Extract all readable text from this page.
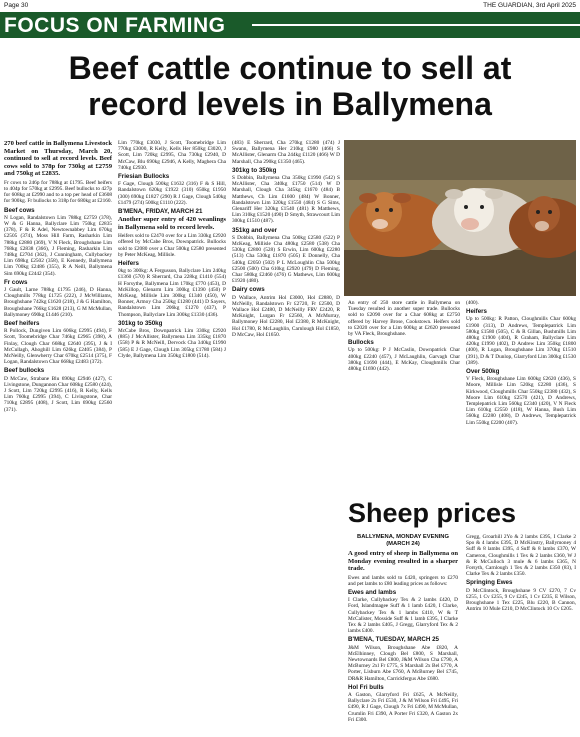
Page 30	THE GUARDIAN, 3rd April 2025
FOCUS ON FARMING
Beef cattle continue to sell at
record levels in Ballymena

270 beef cattle in Ballymena Livestock Market on Thursday, March 20, continued to sell at record levels. Beef cows sold to 378p for 730kg at £2759 and 750kg at £2835.

Fr cows to 246p for 788kg at £1795. Beef heifers to 404p for 570kg at £2995. Beef bullocks to 427p for 608kg at £2990 and to a top per head of £3608 for 900kg. Fr bullocks to 318p for 680kg at £2160.

Beef cows

N Logan, Randalstown Lim 788kg £2759 (378), W & G Hanna, Ballyclare Lim 750kg £2835 (378), F & R Adel, Newtownabbey Lim 670kg £2505 (374), Moss Hill Farm, Rasharkin Lim 788kg £2880 (369), V N Fleck, Broughshane Lim 768kg £2838 (366), J Fleming, Rasharkin Lim 748kg £2704 (362), J Cunningham, Cullybackey Lim 698kg £2502 (358), E Kennedy, Ballymena Lim 700kg £2486 (355), R A Neill, Ballymena Sim 690kg £2442 (354).

Fr cows

J Gault, Larne 788kg £1795 (246), D Hanna, Cloughmills 778kg £1725 (222), J McWilliams, Broughshane 742kg £1620 (218), J & G Hamilton, Broughshane 766kg £1628 (213), G M McMullan, Ballymoney 690kg £1446 (210).

Beef heifers

R Pollock, Dungiven Lim 606kg £2995 (494), F Scott, Toomebridge Char 746kg £2965 (398), A Finlay, Clough Char 668kg £2640 (395), J & I McCullagh, Ahoghill Lim 626kg £2405 (384), P McNeilly, Glenwherry Char 670kg £2514 (375), F Logan, Randalstown Char 668kg £2483 (372).

Beef bullocks

D McCaw, Strabane Blu 690kg £2946 (427), C Livingstone, Dungannon Char 608kg £2580 (424), J Scott, Lim 720kg £2995 (416), R Kelly, Kells Lim 760kg £2995 (394), C Livingstone, Char 710kg £2895 (408), J Scott, Lim 690kg £2560 (371).

Lim 770kg £3030, J Scott, Toomebridge Lim 770kg £3000, R Kelly, Kells Her 850kg £3020, J Scott, Lim 720kg £2995, Cha 730kg £2940, D McCaw, Blu 690kg £2946, A Kelly, Maghera Cha 740kg £2930.

Friesian Bullocks

F Gage, Clough 500kg £1632 (316) F & S Hill, Randalstown 620kg £1922 (310) 650kg £1950 (300) 690kg £1827 (290) R J Gage, Clough 540kg £1479 (274) 500kg £1110 (222).

B'MENA, FRIDAY, MARCH 21

Another super entry of 420 weanlings in Ballymena sold to record levels.

Heifers sold to £2470 over for a Lim 330kg £2920 offered by McCabe Bros, Downpatrick. Bullocks sold to £2080 over a Char 500kg £2580 presented by Peter McKeag, Millisle.

Heifers

0kg to 300kg: A Fergusson, Ballyclare Lim 240kg £1360 (570) R Sherrard, Cha 228kg £1410 (554) H Forsythe, Ballymena Lim 170kg £770 (453), D McKillop, Glenarm Lim 300kg £1390 (450) P McKeag, Millisle Lim 300kg £1340 (450), W Bonner, Armoy Cha 250kg £1280 (441) D Sayers, Randalstown Lim 206kg £1270 (437), P Thompson, Ballyclare Lim 300kg £1330 (436).

301kg to 350kg

McCabe Bros, Downpatrick Lim 330kg £2920 (885) J McAllister, Ballymena Lim 335kg £1870 (558) P & R McNeill, Dervock Cha 340kg £1990 (585) E J Gage, Clough Lim 305kg £1780 (584) J Clyde, Ballymena Lim 350kg £1800 (514).

(483) E Sherrard, Cha 270kg £1280 (474) J Swann, Ballymena Her 210kg £980 (466) S McAllister, Glenarm Cha 244kg £1120 (466) W D Marshall, Cha 290kg £1350 (465).

301kg to 350kg

S Dobbin, Ballymena Cha 350kg £1990 (542) S McAllister, Cha 340kg £1750 (514) W D Marshall, Clough Cha 345kg £1670 (484) B Matthews, Ch Lim £1600 (484) W Bonner, Randalstown Lim 320kg £1550 (484) S G Sims, Glenariff Her 320kg £1540 (481) R Matthews, Lim 310kg £1520 (490) D Smyth, Strawcourt Lim 300kg £1510 (487).

351kg and over

S Dobbin, Ballymena Cha 500kg £2580 (522) P McKeag, Millisle Cha 480kg £2580 (538) Cha 530kg £2800 (528) S Erwin, Lim 600kg £2280 (513) Cha 530kg £1870 (505) E Donnelly, Cha 540kg £2050 (502) P L McLoughlin Cha 500kg £2500 (500) Cha 610kg £2920 (479) D Fleming, Char 580kg £2460 (476) G Mathews, Lim 600kg £1920 (480).

Dairy cows

D Wallace, Antrim Hol £3000, Hol £2880, D McNeilly, Randalstown Fr £2720, Fr £2500, D Wallace Hol £2480, D McNeilly FRV £2420, R McKnight, Lurgan Fr £2560, A McMurray, Ballymoney Hol £2280, Hol £2380, R McKnight, Hol £1780, R McLaughlin, Carnlough Hol £1850, D McCaw, Hol £1650.

An entry of 250 store cattle in Ballymena on Tuesday resulted in another super trade. Bullocks sold to £2090 over for a Char 608kg at £2750 offered by Harvey Brose, Cookstown. Heifers sold to £2020 over for a Lim 600kg at £2620 presented by VA Fleck, Broughshane.

Bullocks

Up to 500kg: P J McCaslin, Downpatrick Char 400kg £2240 (457), J McLaughlin, Garvagh Char 380kg £1690 (444), E McKay, Cloughmills Char 480kg £1690 (442).

(400).

Heifers

Up to 500kg: R Patton, Cloughmills Char 600kg £1900 (313), D Andrews, Templepatrick Lim 580kg £1580 (505), C & R Gillan, Bushmills Lim 480kg £1900 (404), R Graham, Ballyclare Lim 420kg £1990 (402), D Andrew Lim 350kg £1800 (400), R Logan, Broughshane Lim 370kg £1510 (391), D & T Dunlop, Glarryford Lim 300kg £1530 (389).

Over 500kg

V Fleck, Broughshane Lim 600kg £2620 (436), S Moore, Millisle Lim 520kg £2280 (436), S Kirkwood, Cloughmills Char 550kg £2380 (432), S Moore Lim 610kg £2570 (421), D Andrews, Templepatrick Lim 560kg £2340 (420), V N Fleck Lim 610kg £2550 (418), W Hanna, Bush Lim 560kg £2280 (408), D Andrews, Templepatrick Lim 550kg £2200 (407).

Sheep prices
BALLYMENA, MONDAY EVENING (MARCH 24)

A good entry of sheep in Ballymena on Monday evening resulted in a sharper trade.

Ewes and lambs sold to £420, springers to £270 and pet lambs to £80 leading prices as follows:

Ewes and lambs

I Clarke, Cullybackey Tex & 2 lambs £420, D Ford, Islandmagee Suff & 1 lamb £420, I Clarke, Cullybackey Tex & 1 lambs £410, W & T McCalister, Mosside Suff & 1 lamb £395, I Clarke Tex & 2 lambs £405, J Gregg, Glarryford Tex & 2 lambs £400.

B'MENA, TUESDAY, MARCH 25

J&M Wilson, Broughshane Abe £820, A McElhinney, Clough Bel £800, S Marshall, Newtownards Bel £800, J&M Wilson Cha £790, A McBurney 2xl Fr £775, S Marshall 2x Bel £770, A Porter, Lisburn Abe £760, A McBurney Bel £745, DR&R Hamilton, Carrickfergus Abe £680.

Hol Fri bulls

A Gaston, Glarryford Fri £625, A McNeilly, Ballyclare 2x Fri £530, J & M Wilson Fri £495, Fri £490, R J Gage, Clough 7x Fri £490, M McMullan, Crumlin Fri £390, A Porter Fri £320, A Gaston 2x Fri £300.

Gregg, Groarhill 2Yo & 2 lambs £395, I Clarke 2 Spo & 4 lambs £395, D McKinstry, Ballymoney 4 Suff & 8 lambs £395, 4 Suff & 8 lambs £370, W Cameron, Cloughmills 1 Tex & 2 lambs £360, W J & R McCulloch 3 mule & 6 lambs £365, N Forsyth, Carnlough 1 Tex & 2 lambs £350 (83), I Clarke Tex & 2 lambs £350.

Springing Ewes

D McClintock, Broughshane 9 CV £270, 7 Cv £255, 1 Cv £255, 9 Cv £245, 1 Cv £235, E Wilson, Broughshane 1 Tex £225, Blu £220, B Cannon, Antrim 10 Mule £210, D McClintock 10 Cv £205.
